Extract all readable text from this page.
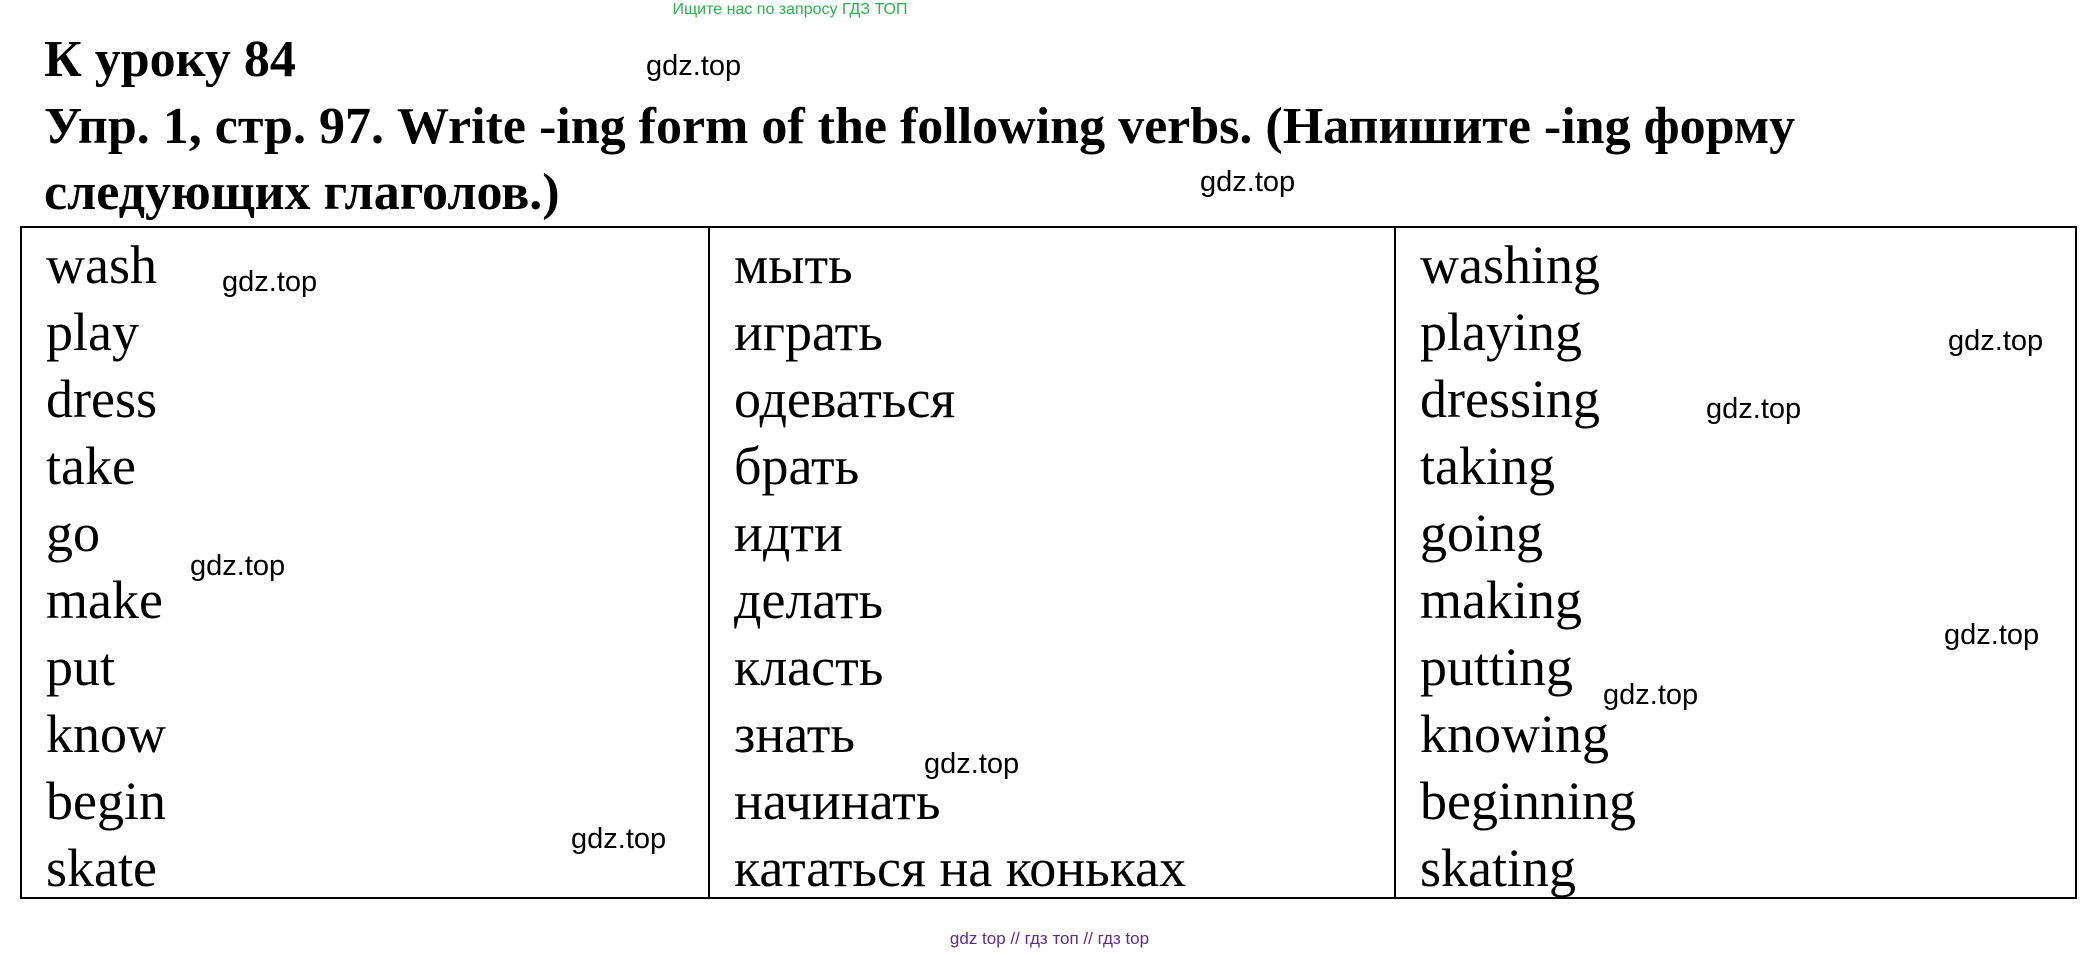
Ищите нас по запросу ГДЗ ТОП
К уроку 84
Упр. 1, стр. 97. Write -ing form of the following verbs. (Напишите -ing форму следующих глаголов.)
wash
play
dress
take
go
make
put
know
begin
skate
мыть
играть
одеваться
брать
идти
делать
класть
знать
начинать
кататься на коньках
washing
playing
dressing
taking
going
making
putting
knowing
beginning
skating
gdz.top
gdz.top
gdz.top
gdz.top
gdz.top
gdz.top
gdz.top
gdz.top
gdz.top
gdz.top
gdz top // гдз топ // гдз top
